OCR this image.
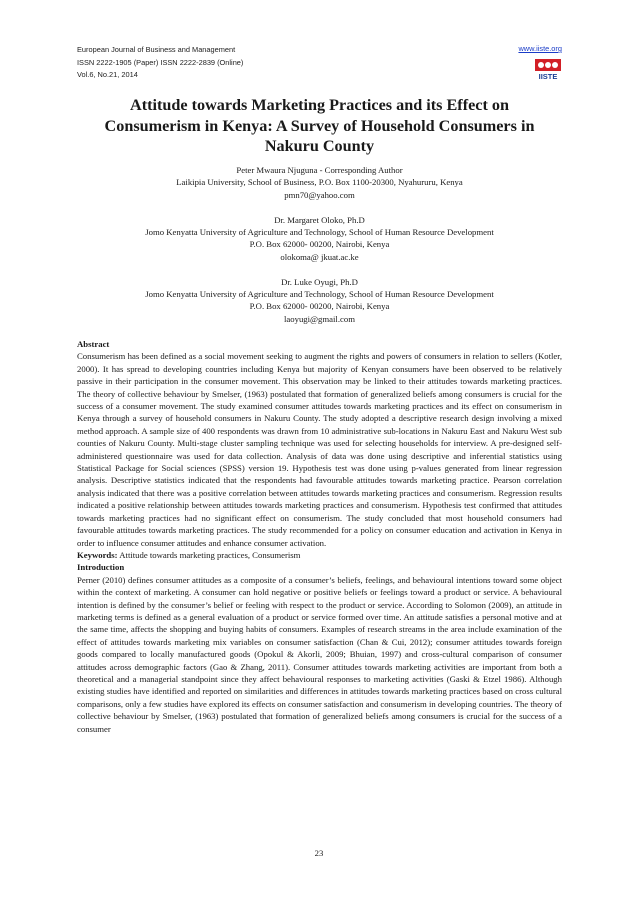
European Journal of Business and Management
ISSN 2222-1905 (Paper) ISSN 2222-2839 (Online)
Vol.6, No.21, 2014
www.iiste.org
IISTE
Attitude towards Marketing Practices and its Effect on
Consumerism in Kenya: A Survey of Household Consumers in
Nakuru County
Peter Mwaura Njuguna - Corresponding Author
Laikipia University, School of Business, P.O. Box 1100-20300, Nyahururu, Kenya
pmn70@yahoo.com
Dr. Margaret Oloko, Ph.D
Jomo Kenyatta University of Agriculture and Technology, School of Human Resource Development
P.O. Box 62000- 00200, Nairobi, Kenya
olokoma@ jkuat.ac.ke
Dr. Luke Oyugi, Ph.D
Jomo Kenyatta University of Agriculture and Technology, School of Human Resource Development
P.O. Box 62000- 00200, Nairobi, Kenya
laoyugi@gmail.com
Abstract

Consumerism has been defined as a social movement seeking to augment the rights and powers of consumers in relation to sellers (Kotler, 2000). It has spread to developing countries including Kenya but majority of Kenyan consumers have been observed to be relatively passive in their participation in the consumer movement. This observation may be linked to their attitudes towards marketing practices. The theory of collective behaviour by Smelser, (1963) postulated that formation of generalized beliefs among consumers is crucial for the success of a consumer movement. The study examined consumer attitudes towards marketing practices and its effect on consumerism in Kenya through a survey of household consumers in Nakuru County. The study adopted a descriptive research design involving a mixed method approach. A sample size of 400 respondents was drawn from 10 administrative sub-locations in Nakuru East and Nakuru West sub counties of Nakuru County. Multi-stage cluster sampling technique was used for selecting households for interview. A pre-designed self-administered questionnaire was used for data collection. Analysis of data was done using descriptive and inferential statistics using Statistical Package for Social sciences (SPSS) version 19. Hypothesis test was done using p-values generated from linear regression analysis. Descriptive statistics indicated that the respondents had favourable attitudes towards marketing practice. Pearson correlation analysis indicated that there was a positive correlation between attitudes towards marketing practices and consumerism. Regression results indicated a positive relationship between attitudes towards marketing practices and consumerism. Hypothesis test confirmed that attitudes towards marketing practices had no significant effect on consumerism. The study concluded that most household consumers had favourable attitudes towards marketing practices. The study recommended for a policy on consumer education and activation in Kenya in order to influence consumer attitudes and enhance consumer activation.

Keywords: Attitude towards marketing practices, Consumerism

Introduction

Perner (2010) defines consumer attitudes as a composite of a consumer’s beliefs, feelings, and behavioural intentions toward some object within the context of marketing. A consumer can hold negative or positive beliefs or feelings toward a product or service. A behavioural intention is defined by the consumer’s belief or feeling with respect to the product or service. According to Solomon (2009), an attitude in marketing terms is defined as a general evaluation of a product or service formed over time. An attitude satisfies a personal motive and at the same time, affects the shopping and buying habits of consumers. Examples of research streams in the area include examination of the effect of attitudes towards marketing mix variables on consumer satisfaction (Chan & Cui, 2012); consumer attitudes towards foreign goods compared to locally manufactured goods (Opokul & Akorli, 2009; Bhuian, 1997) and cross-cultural comparison of consumer attitudes across demographic factors (Gao & Zhang, 2011). Consumer attitudes towards marketing activities are important from both a theoretical and a managerial standpoint since they affect behavioural responses to marketing activities (Gaski & Etzel 1986). Although existing studies have identified and reported on similarities and differences in attitudes towards marketing practices based on cross cultural comparisons, only a few studies have explored its effects on consumer satisfaction and consumerism in developing countries. The theory of collective behaviour by Smelser, (1963) postulated that formation of generalized beliefs among consumers is crucial for the success of a consumer

23
